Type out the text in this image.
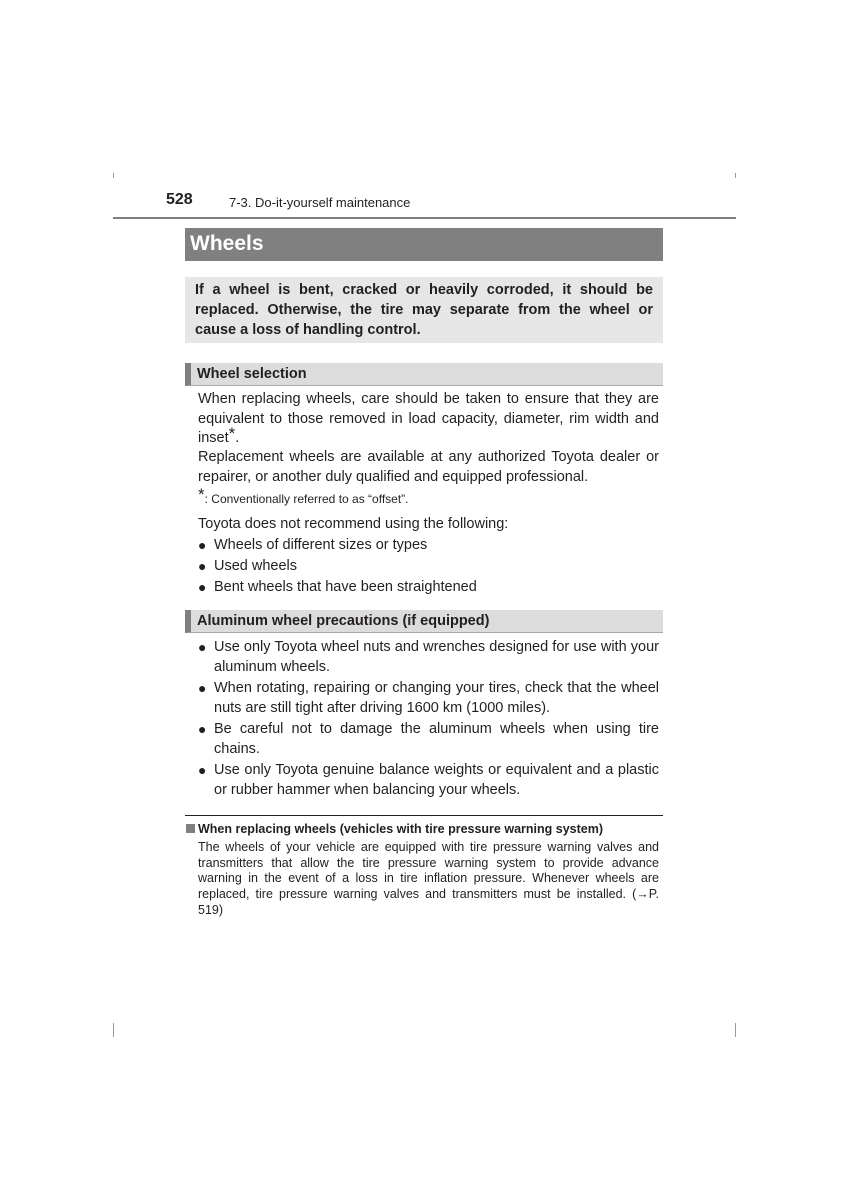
528	7-3. Do-it-yourself maintenance
Wheels
If a wheel is bent, cracked or heavily corroded, it should be replaced. Otherwise, the tire may separate from the wheel or cause a loss of handling control.
Wheel selection
When replacing wheels, care should be taken to ensure that they are equivalent to those removed in load capacity, diameter, rim width and inset*.
Replacement wheels are available at any authorized Toyota dealer or repairer, or another duly qualified and equipped professional.
*: Conventionally referred to as “offset”.
Toyota does not recommend using the following:
● Wheels of different sizes or types
● Used wheels
● Bent wheels that have been straightened
Aluminum wheel precautions (if equipped)
● Use only Toyota wheel nuts and wrenches designed for use with your aluminum wheels.
● When rotating, repairing or changing your tires, check that the wheel nuts are still tight after driving 1600 km (1000 miles).
● Be careful not to damage the aluminum wheels when using tire chains.
● Use only Toyota genuine balance weights or equivalent and a plastic or rubber hammer when balancing your wheels.
When replacing wheels (vehicles with tire pressure warning system)
The wheels of your vehicle are equipped with tire pressure warning valves and transmitters that allow the tire pressure warning system to provide advance warning in the event of a loss in tire inflation pressure. Whenever wheels are replaced, tire pressure warning valves and transmitters must be installed. (→P. 519)
